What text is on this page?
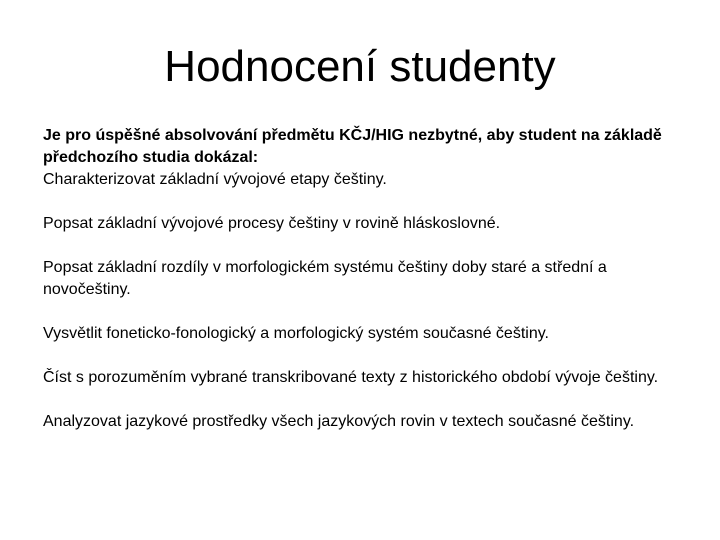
Hodnocení studenty

Je pro úspěšné absolvování předmětu KČJ/HIG nezbytné, aby student na základě předchozího studia dokázal:

Charakterizovat základní vývojové etapy češtiny.

Popsat základní vývojové procesy češtiny v rovině hláskoslovné.

Popsat základní rozdíly v morfologickém systému češtiny doby staré a střední a novočeštiny.

Vysvětlit foneticko-fonologický a morfologický systém současné češtiny.

Číst s porozuměním vybrané transkribované texty z historického období vývoje češtiny.

Analyzovat jazykové prostředky všech jazykových rovin v textech současné češtiny.
